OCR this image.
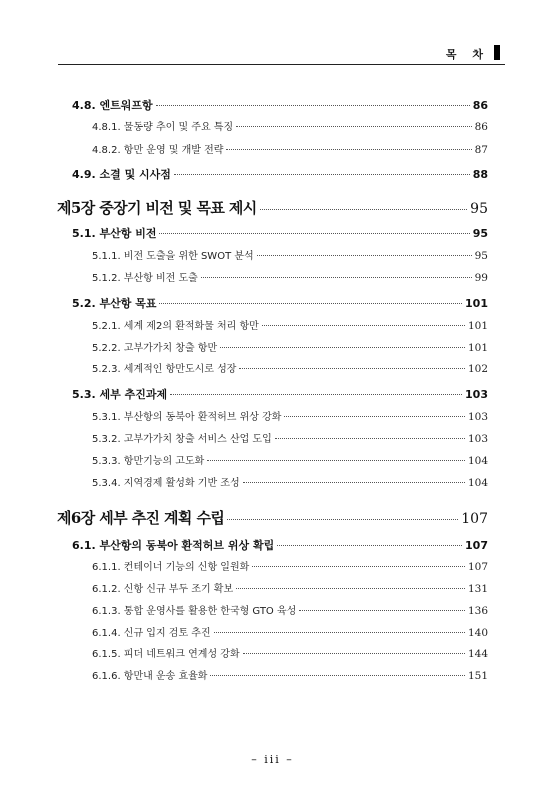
목 차
4.8. 엔트워프항	86
4.8.1. 물동량 추이 및 주요 특징	86
4.8.2. 항만 운영 및 개발 전략	87
4.9. 소결 및 시사점	88
제5장 중장기 비전 및 목표 제시	95
5.1. 부산항 비전	95
5.1.1. 비전 도출을 위한 SWOT 분석	95
5.1.2. 부산항 비전 도출	99
5.2. 부산항 목표	101
5.2.1. 세계 제2의 환적화물 처리 항만	101
5.2.2. 고부가가치 창출 항만	101
5.2.3. 세계적인 항만도시로 성장	102
5.3. 세부 추진과제	103
5.3.1. 부산항의 동북아 환적허브 위상 강화	103
5.3.2. 고부가가치 창출 서비스 산업 도입	103
5.3.3. 항만기능의 고도화	104
5.3.4. 지역경제 활성화 기반 조성	104
제6장 세부 추진 계획 수립	107
6.1. 부산항의 동북아 환적허브 위상 확립	107
6.1.1. 컨테이너 기능의 신항 일원화	107
6.1.2. 신항 신규 부두 조기 확보	131
6.1.3. 통합 운영사를 활용한 한국형 GTO 육성	136
6.1.4. 신규 입지 검토 추진	140
6.1.5. 피더 네트워크 연계성 강화	144
6.1.6. 항만내 운송 효율화	151
– iii –
